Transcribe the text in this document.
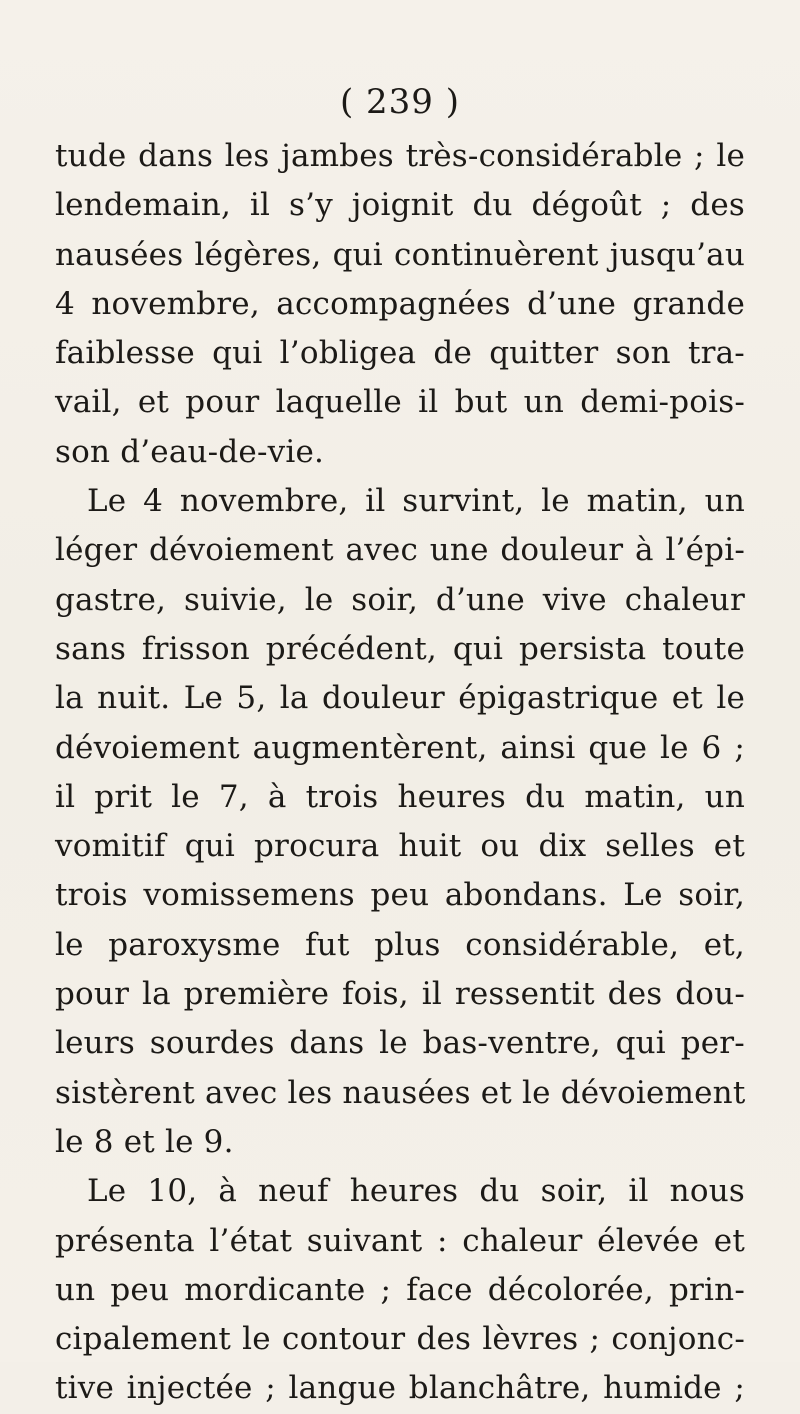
( 239 )
tude dans les jambes très-considérable ; le
lendemain, il s’y joignit du dégoût ; des
nausées légères, qui continuèrent jusqu’au
4 novembre, accompagnées d’une grande
faiblesse qui l’obligea de quitter son tra-
vail, et pour laquelle il but un demi-pois-
son d’eau-de-vie.
Le 4 novembre, il survint, le matin, un
léger dévoiement avec une douleur à l’épi-
gastre, suivie, le soir, d’une vive chaleur
sans frisson précédent, qui persista toute
la nuit. Le 5, la douleur épigastrique et le
dévoiement augmentèrent, ainsi que le 6 ;
il prit le 7, à trois heures du matin, un
vomitif qui procura huit ou dix selles et
trois vomissemens peu abondans. Le soir,
le paroxysme fut plus considérable, et,
pour la première fois, il ressentit des dou-
leurs sourdes dans le bas-ventre, qui per-
sistèrent avec les nausées et le dévoiement
le 8 et le 9.
Le 10, à neuf heures du soir, il nous
présenta l’état suivant : chaleur élevée et
un peu mordicante ; face décolorée, prin-
cipalement le contour des lèvres ; conjonc-
tive injectée ; langue blanchâtre, humide ;
